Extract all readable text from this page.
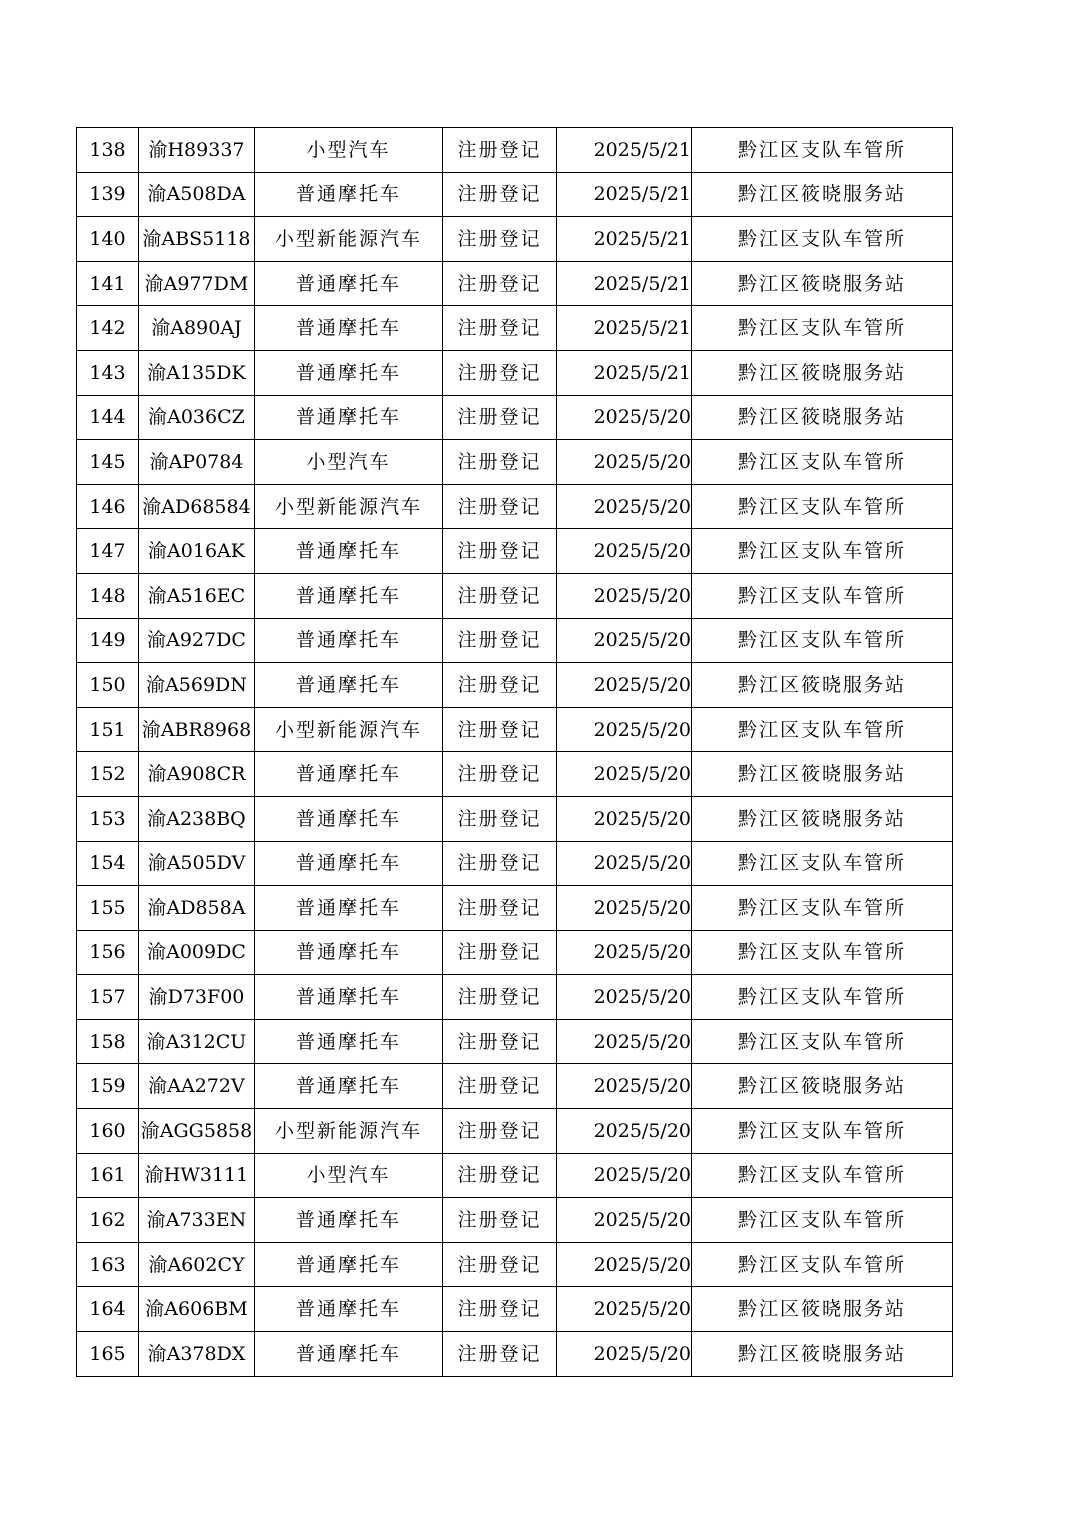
138	渝H89337	小型汽车	注册登记	2025/5/21	黔江区支队车管所
139	渝A508DA	普通摩托车	注册登记	2025/5/21	黔江区筱晓服务站
140	渝ABS5118	小型新能源汽车	注册登记	2025/5/21	黔江区支队车管所
141	渝A977DM	普通摩托车	注册登记	2025/5/21	黔江区筱晓服务站
142	渝A890AJ	普通摩托车	注册登记	2025/5/21	黔江区支队车管所
143	渝A135DK	普通摩托车	注册登记	2025/5/21	黔江区筱晓服务站
144	渝A036CZ	普通摩托车	注册登记	2025/5/20	黔江区筱晓服务站
145	渝AP0784	小型汽车	注册登记	2025/5/20	黔江区支队车管所
146	渝AD68584	小型新能源汽车	注册登记	2025/5/20	黔江区支队车管所
147	渝A016AK	普通摩托车	注册登记	2025/5/20	黔江区支队车管所
148	渝A516EC	普通摩托车	注册登记	2025/5/20	黔江区支队车管所
149	渝A927DC	普通摩托车	注册登记	2025/5/20	黔江区支队车管所
150	渝A569DN	普通摩托车	注册登记	2025/5/20	黔江区筱晓服务站
151	渝ABR8968	小型新能源汽车	注册登记	2025/5/20	黔江区支队车管所
152	渝A908CR	普通摩托车	注册登记	2025/5/20	黔江区筱晓服务站
153	渝A238BQ	普通摩托车	注册登记	2025/5/20	黔江区筱晓服务站
154	渝A505DV	普通摩托车	注册登记	2025/5/20	黔江区支队车管所
155	渝AD858A	普通摩托车	注册登记	2025/5/20	黔江区支队车管所
156	渝A009DC	普通摩托车	注册登记	2025/5/20	黔江区支队车管所
157	渝D73F00	普通摩托车	注册登记	2025/5/20	黔江区支队车管所
158	渝A312CU	普通摩托车	注册登记	2025/5/20	黔江区支队车管所
159	渝AA272V	普通摩托车	注册登记	2025/5/20	黔江区筱晓服务站
160	渝AGG5858	小型新能源汽车	注册登记	2025/5/20	黔江区支队车管所
161	渝HW3111	小型汽车	注册登记	2025/5/20	黔江区支队车管所
162	渝A733EN	普通摩托车	注册登记	2025/5/20	黔江区支队车管所
163	渝A602CY	普通摩托车	注册登记	2025/5/20	黔江区支队车管所
164	渝A606BM	普通摩托车	注册登记	2025/5/20	黔江区筱晓服务站
165	渝A378DX	普通摩托车	注册登记	2025/5/20	黔江区筱晓服务站
